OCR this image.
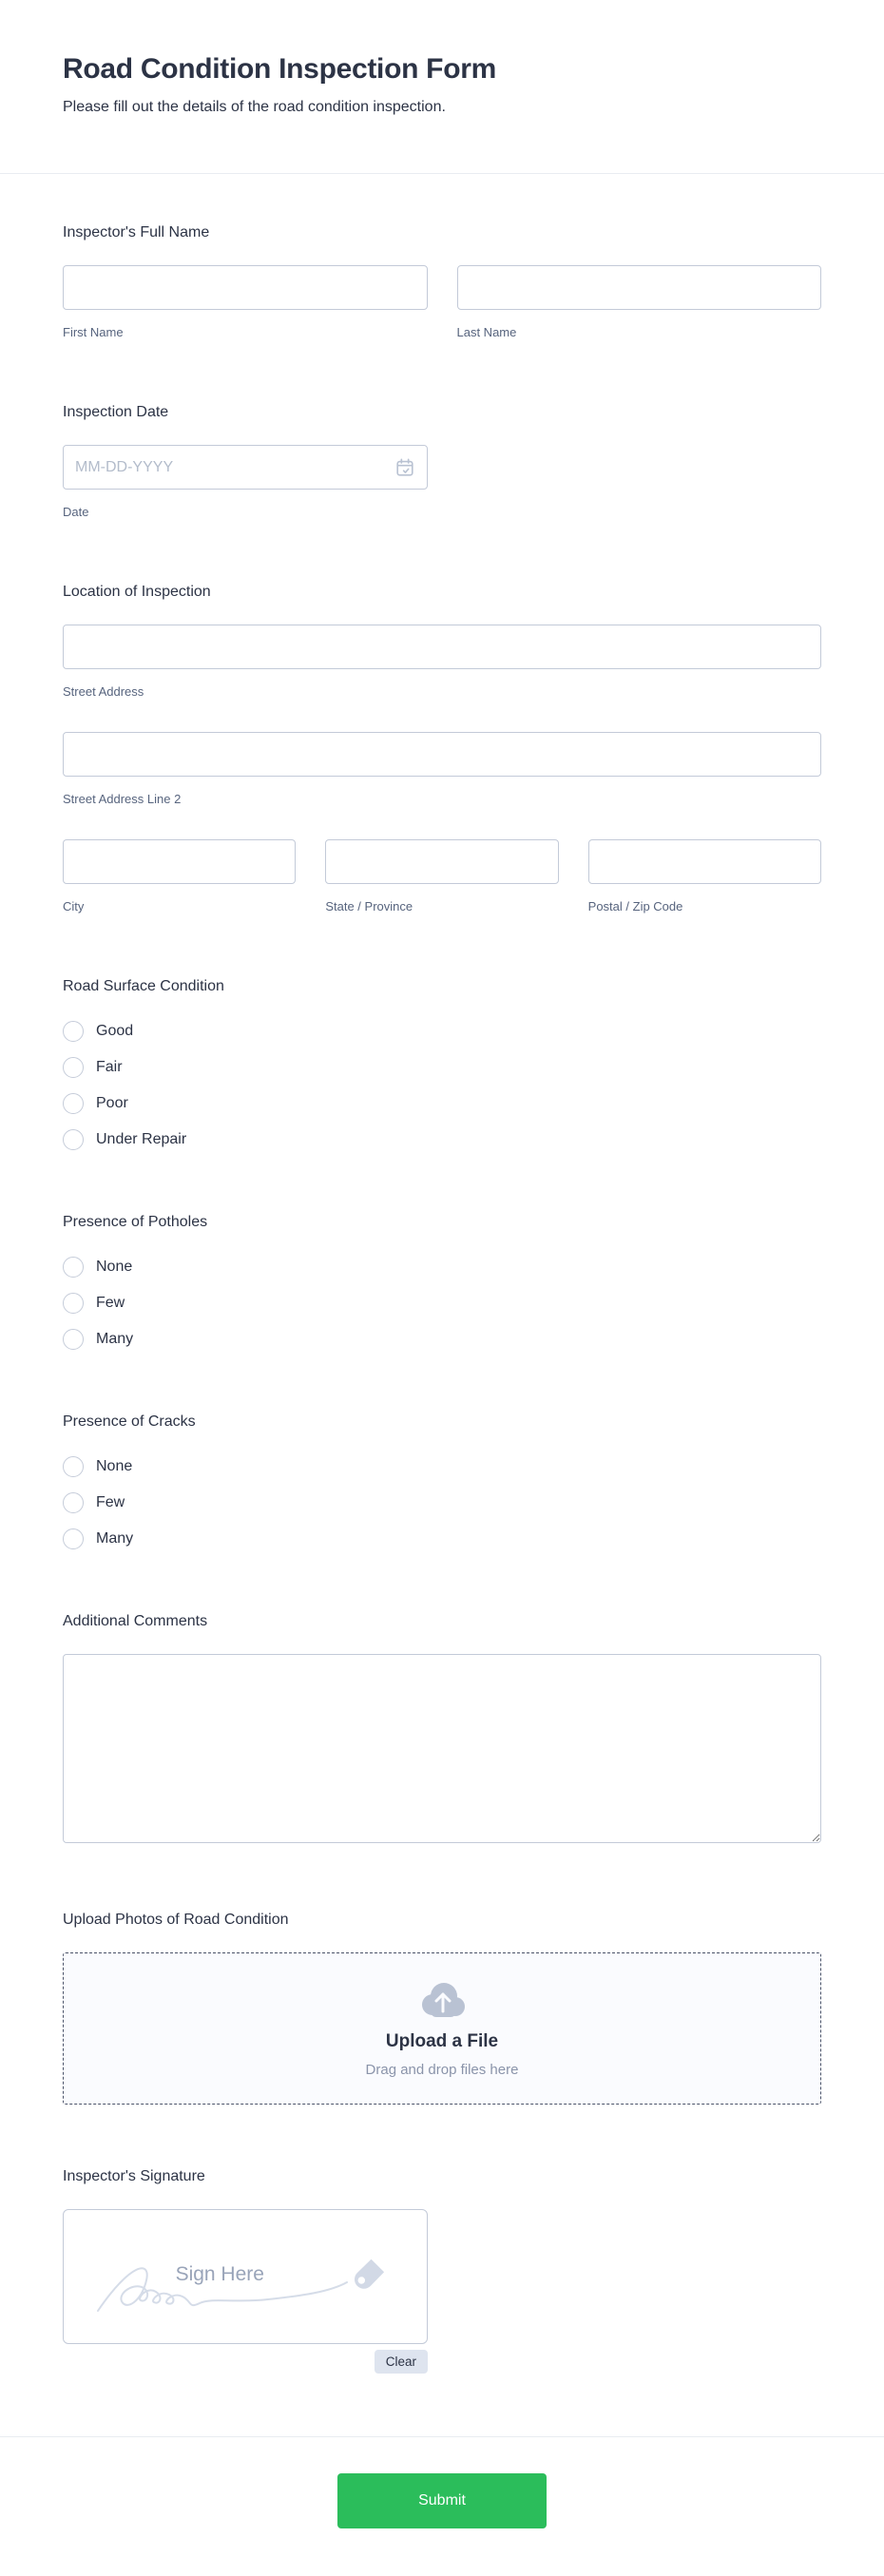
Road Condition Inspection Form

Please fill out the details of the road condition inspection.

Inspector's Full Name
First Name	Last Name
Inspection Date
MM-DD-YYYY
Date
Location of Inspection
Street Address
Street Address Line 2
City	State / Province	Postal / Zip Code
Road Surface Condition
Good
Fair
Poor
Under Repair
Presence of Potholes
None
Few
Many
Presence of Cracks
None
Few
Many
Additional Comments
Upload Photos of Road Condition
Upload a File
Drag and drop files here
Inspector's Signature
Sign Here
Clear
Submit
